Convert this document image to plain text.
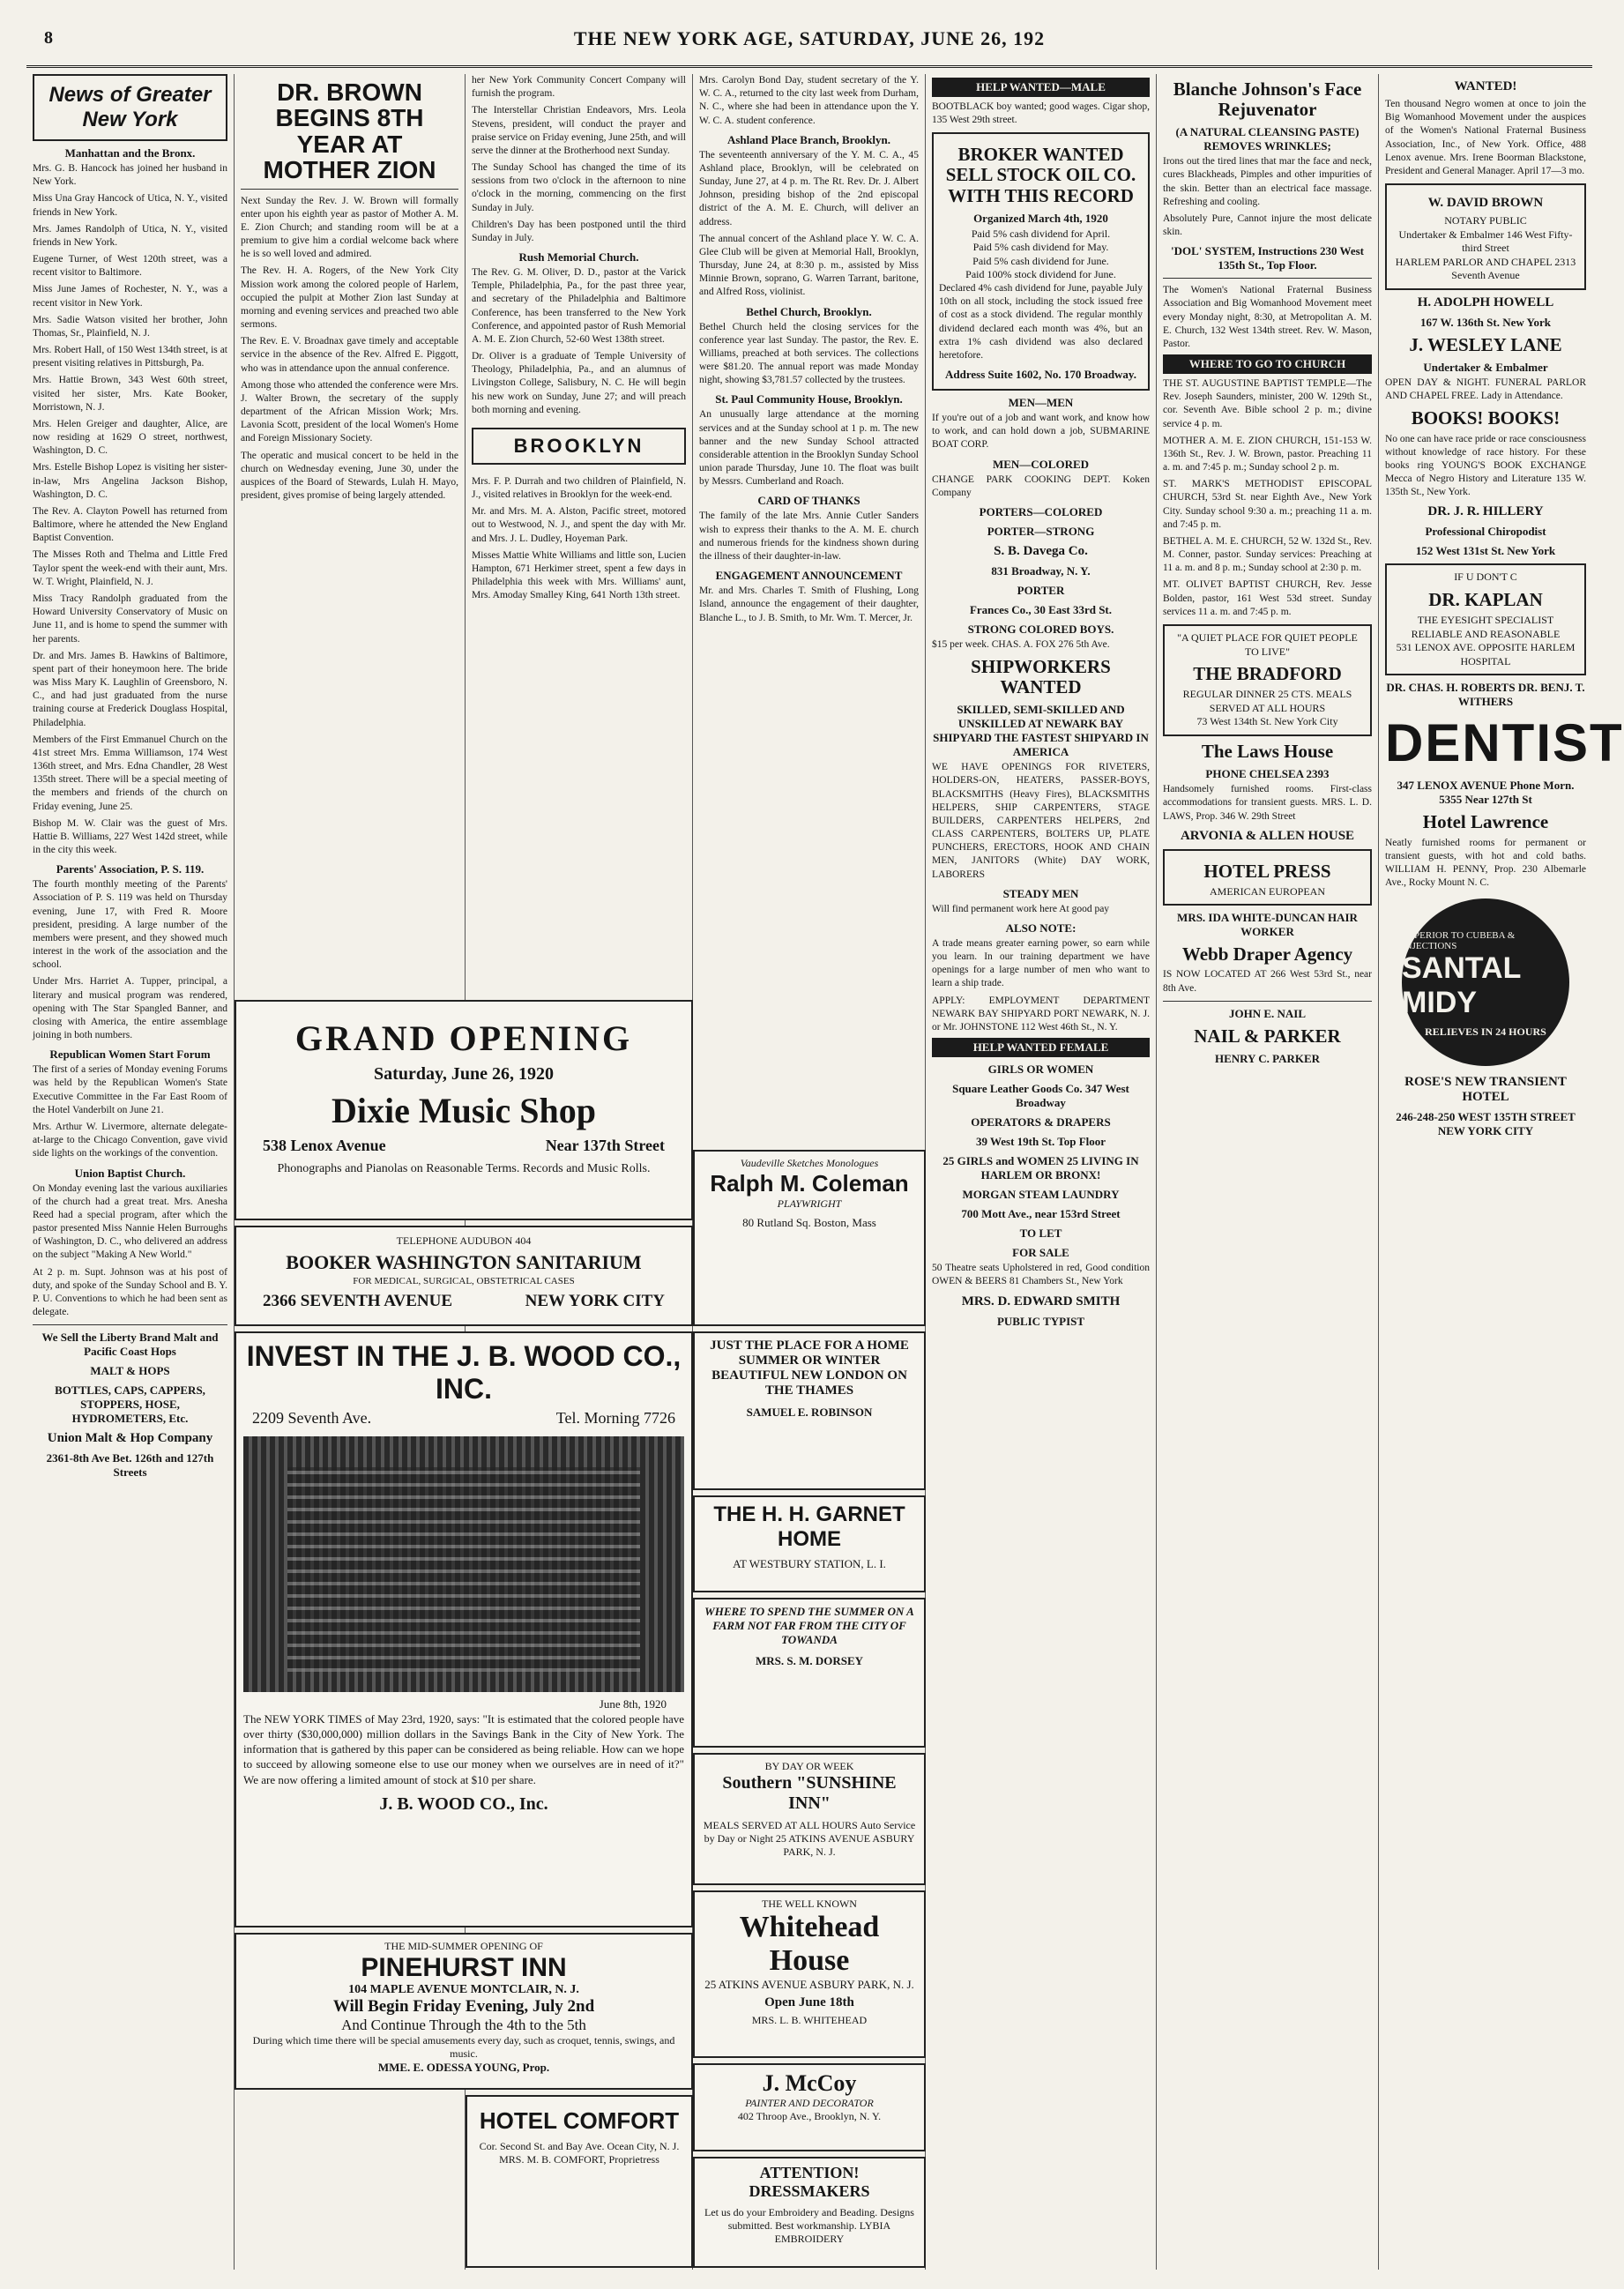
8	THE NEW YORK AGE, SATURDAY, JUNE 26, 192
News of Greater New York
Manhattan and the Bronx.

Mrs. G. B. Hancock has joined her husband in New York.

Miss Una Gray Hancock of Utica, N. Y., visited friends in New York.

Mrs. James Randolph of Utica, N. Y., visited friends in New York.

Eugene Turner, of West 120th street, was a recent visitor to Baltimore.

Miss June James of Rochester, N. Y., was a recent visitor in New York.

Mrs. Sadie Watson visited her brother, John Thomas, Sr., Plainfield, N. J.

Mrs. Robert Hall, of 150 West 134th street, is at present visiting relatives in Pittsburgh, Pa.

Mrs. Hattie Brown, 343 West 60th street, visited her sister, Mrs. Kate Booker, Morristown, N. J.

Mrs. Helen Greiger and daughter, Alice, are now residing at 1629 O street, northwest, Washington, D. C.

Mrs. Estelle Bishop Lopez is visiting her sister-in-law, Mrs Angelina Jackson Bishop, Washington, D. C.

The Rev. A. Clayton Powell has returned from Baltimore, where he attended the New England Baptist Convention.

The Misses Roth and Thelma and Little Fred Taylor spent the week-end with their aunt, Mrs. W. T. Wright, Plainfield, N. J.

Miss Tracy Randolph graduated from the Howard University Conservatory of Music on June 11, and is home to spend the summer with her parents.

Dr. and Mrs. James B. Hawkins of Baltimore, spent part of their honeymoon here. The bride was Miss Mary K. Laughlin of Greensboro, N. C., and had just graduated from the nurse training course at Frederick Douglass Hospital, Philadelphia.

Members of the First Emmanuel Church on the 41st street Mrs. Emma Williamson, 174 West 136th street, and Mrs. Edna Chandler, 28 West 135th street. There will be a special meeting of the members and friends of the church on Friday evening, June 25.

Bishop M. W. Clair was the guest of Mrs. Hattie B. Williams, 227 West 142d street, while in the city this week.

Parents' Association, P. S. 119.

The fourth monthly meeting of the Parents' Association of P. S. 119 was held on Thursday evening, June 17, with Fred R. Moore president, presiding. A large number of the members were present, and they showed much interest in the work of the association and the school.

Under Mrs. Harriet A. Tupper, principal, a literary and musical program was rendered, opening with The Star Spangled Banner, and closing with America, the entire assemblage joining in both numbers.

Republican Women Start Forum

The first of a series of Monday evening Forums was held by the Republican Women's State Executive Committee in the Far East Room of the Hotel Vanderbilt on June 21.

Mrs. Arthur W. Livermore, alternate delegate-at-large to the Chicago Convention, gave vivid side lights on the workings of the convention.

Union Baptist Church.

On Monday evening last the various auxiliaries of the church had a great treat. Mrs. Anesha Reed had a special program, after which the pastor presented Miss Nannie Helen Burroughs of Washington, D. C., who delivered an address on the subject "Making A New World."

At 2 p. m. Supt. Johnson was at his post of duty, and spoke of the Sunday School and B. Y. P. U. Conventions to which he had been sent as delegate.

We Sell the Liberty Brand Malt and Pacific Coast Hops
MALT & HOPS
BOTTLES, CAPS, CAPPERS, STOPPERS, HOSE, HYDROMETERS, Etc.
Union Malt & Hop Company
2361-8th Ave Bet. 126th and 127th Streets
DR. BROWN BEGINS 8TH YEAR AT MOTHER ZION

Next Sunday the Rev. J. W. Brown will formally enter upon his eighth year as pastor of Mother A. M. E. Zion Church; and standing room will be at a premium to give him a cordial welcome back where he is so well loved and admired.

The Rev. H. A. Rogers, of the New York City Mission work among the colored people of Harlem, occupied the pulpit at Mother Zion last Sunday at morning and evening services and preached two able sermons.

The Rev. E. V. Broadnax gave timely and acceptable service in the absence of the Rev. Alfred E. Piggott, who was in attendance upon the annual conference.

Among those who attended the conference were Mrs. J. Walter Brown, the secretary of the supply department of the African Mission Work; Mrs. Lavonia Scott, president of the local Women's Home and Foreign Missionary Society.

The operatic and musical concert to be held in the church on Wednesday evening, June 30, under the auspices of the Board of Stewards, Lulah H. Mayo, president, gives promise of being largely attended.

her New York Community Concert Company will furnish the program.

The Interstellar Christian Endeavors, Mrs. Leola Stevens, president, will conduct the prayer and praise service on Friday evening, June 25th, and will serve the dinner at the Brotherhood next Sunday.

The Sunday School has changed the time of its sessions from two o'clock in the afternoon to nine o'clock in the morning, commencing on the first Sunday in July.

Children's Day has been postponed until the third Sunday in July.

Rush Memorial Church.

The Rev. G. M. Oliver, D. D., pastor at the Varick Temple, Philadelphia, Pa., for the past three year, and secretary of the Philadelphia and Baltimore Conference, has been transferred to the New York Conference, and appointed pastor of Rush Memorial A. M. E. Zion Church, 52-60 West 138th street.

Dr. Oliver is a graduate of Temple University of Theology, Philadelphia, Pa., and an alumnus of Livingston College, Salisbury, N. C. He will begin his new work on Sunday, June 27; and will preach both morning and evening.

BROOKLYN

Mrs. F. P. Durrah and two children of Plainfield, N. J., visited relatives in Brooklyn for the week-end.

Mr. and Mrs. M. A. Alston, Pacific street, motored out to Westwood, N. J., and spent the day with Mr. and Mrs. J. L. Dudley, Hoyeman Park.

Misses Mattie White Williams and little son, Lucien Hampton, 671 Herkimer street, spent a few days in Philadelphia this week with Mrs. Williams' aunt, Mrs. Amoday Smalley King, 641 North 13th street.

Mrs. Carolyn Bond Day, student secretary of the Y. W. C. A., returned to the city last week from Durham, N. C., where she had been in attendance upon the Y. W. C. A. student conference.

Ashland Place Branch, Brooklyn.

The seventeenth anniversary of the Y. M. C. A., 45 Ashland place, Brooklyn, will be celebrated on Sunday, June 27, at 4 p. m. The Rt. Rev. Dr. J. Albert Johnson, presiding bishop of the 2nd episcopal district of the A. M. E. Church, will deliver an address.

The annual concert of the Ashland place Y. W. C. A. Glee Club will be given at Memorial Hall, Brooklyn, Thursday, June 24, at 8:30 p. m., assisted by Miss Minnie Brown, soprano, G. Warren Tarrant, baritone, and Alfred Ross, violinist.

Bethel Church, Brooklyn.

Bethel Church held the closing services for the conference year last Sunday. The pastor, the Rev. E. Williams, preached at both services. The collections were $81.20. The annual report was made Monday night, showing $3,781.57 collected by the trustees.

St. Paul Community House, Brooklyn.

An unusually large attendance at the morning services and at the Sunday school at 1 p. m. The new banner and the new Sunday School attracted considerable attention in the Brooklyn Sunday School union parade Thursday, June 10. The float was built by Messrs. Cumberland and Roach.

CARD OF THANKS

The family of the late Mrs. Annie Cutler Sanders wish to express their thanks to the A. M. E. church and numerous friends for the kindness shown during the illness of their daughter-in-law.

ENGAGEMENT ANNOUNCEMENT

Mr. and Mrs. Charles T. Smith of Flushing, Long Island, announce the engagement of their daughter, Blanche L., to J. B. Smith, to Mr. Wm. T. Mercer, Jr.

HELP WANTED—MALE

BOOTBLACK boy wanted; good wages. Cigar shop, 135 West 29th street.

BROKER WANTED SELL STOCK OIL CO. WITH THIS RECORD
Organized March 4th, 1920
Paid 5% cash dividend for April.
Paid 5% cash dividend for May.
Paid 5% cash dividend for June.
Paid 100% stock dividend for June.

Declared 4% cash dividend for June, payable July 10th on all stock, including the stock issued free of cost as a stock dividend. The regular monthly dividend declared each month was 4%, but an extra 1% cash dividend was also declared heretofore.

Address Suite 1602, No. 170 Broadway.
MEN—MEN

If you're out of a job and want work, and know how to work, and can hold down a job, SUBMARINE BOAT CORP.

MEN—COLORED

CHANGE PARK COOKING DEPT. Koken Company

PORTERS—COLORED
PORTER—STRONG
S. B. Davega Co.
831 Broadway, N. Y.
PORTER
Frances Co., 30 East 33rd St.
STRONG COLORED BOYS.

$15 per week. CHAS. A. FOX 276 5th Ave.

SHIPWORKERS WANTED
SKILLED, SEMI-SKILLED AND UNSKILLED AT NEWARK BAY SHIPYARD THE FASTEST SHIPYARD IN AMERICA

WE HAVE OPENINGS FOR RIVETERS, HOLDERS-ON, HEATERS, PASSER-BOYS, BLACKSMITHS (Heavy Fires), BLACKSMITHS HELPERS, SHIP CARPENTERS, STAGE BUILDERS, CARPENTERS HELPERS, 2nd CLASS CARPENTERS, BOLTERS UP, PLATE PUNCHERS, ERECTORS, HOOK AND CHAIN MEN, JANITORS (White) DAY WORK, LABORERS

STEADY MEN

Will find permanent work here At good pay

ALSO NOTE:

A trade means greater earning power, so earn while you learn. In our training department we have openings for a large number of men who want to learn a ship trade.

APPLY: EMPLOYMENT DEPARTMENT NEWARK BAY SHIPYARD PORT NEWARK, N. J. or Mr. JOHNSTONE 112 West 46th St., N. Y.

HELP WANTED FEMALE
GIRLS OR WOMEN
Square Leather Goods Co. 347 West Broadway
OPERATORS & DRAPERS
39 West 19th St. Top Floor
25 GIRLS and WOMEN 25 LIVING IN HARLEM OR BRONX!
MORGAN STEAM LAUNDRY
700 Mott Ave., near 153rd Street
TO LET
FOR SALE

50 Theatre seats Upholstered in red, Good condition OWEN & BEERS 81 Chambers St., New York

MRS. D. EDWARD SMITH
PUBLIC TYPIST
Blanche Johnson's Face Rejuvenator
(A NATURAL CLEANSING PASTE) REMOVES WRINKLES;

Irons out the tired lines that mar the face and neck, cures Blackheads, Pimples and other impurities of the skin. Better than an electrical face massage. Refreshing and cooling.

Absolutely Pure, Cannot injure the most delicate skin.

'DOL' SYSTEM, Instructions 230 West 135th St., Top Floor.

The Women's National Fraternal Business Association and Big Womanhood Movement meet every Monday night, 8:30, at Metropolitan A. M. E. Church, 132 West 134th street. Rev. W. Mason, Pastor.

WHERE TO GO TO CHURCH

THE ST. AUGUSTINE BAPTIST TEMPLE—The Rev. Joseph Saunders, minister, 200 W. 129th St., cor. Seventh Ave. Bible school 2 p. m.; divine service 4 p. m.

MOTHER A. M. E. ZION CHURCH, 151-153 W. 136th St., Rev. J. W. Brown, pastor. Preaching 11 a. m. and 7:45 p. m.; Sunday school 2 p. m.

ST. MARK'S METHODIST EPISCOPAL CHURCH, 53rd St. near Eighth Ave., New York City. Sunday school 9:30 a. m.; preaching 11 a. m. and 7:45 p. m.

BETHEL A. M. E. CHURCH, 52 W. 132d St., Rev. M. Conner, pastor. Sunday services: Preaching at 11 a. m. and 8 p. m.; Sunday school at 2:30 p. m.

MT. OLIVET BAPTIST CHURCH, Rev. Jesse Bolden, pastor, 161 West 53d street. Sunday services 11 a. m. and 7:45 p. m.

"A QUIET PLACE FOR QUIET PEOPLE TO LIVE"
THE BRADFORD
REGULAR DINNER 25 CTS. MEALS SERVED AT ALL HOURS
73 West 134th St. New York City
The Laws House
PHONE CHELSEA 2393

Handsomely furnished rooms. First-class accommodations for transient guests. MRS. L. D. LAWS, Prop. 346 W. 29th Street

ARVONIA & ALLEN HOUSE
HOTEL PRESS
AMERICAN EUROPEAN
MRS. IDA WHITE-DUNCAN HAIR WORKER
Webb Draper Agency

IS NOW LOCATED AT 266 West 53rd St., near 8th Ave.

JOHN E. NAIL
NAIL & PARKER
HENRY C. PARKER
WANTED!

Ten thousand Negro women at once to join the Big Womanhood Movement under the auspices of the Women's National Fraternal Business Association, Inc., of New York. Office, 488 Lenox avenue. Mrs. Irene Boorman Blackstone, President and General Manager. April 17—3 mo.

W. DAVID BROWN
NOTARY PUBLIC
Undertaker & Embalmer 146 West Fifty-third Street
HARLEM PARLOR AND CHAPEL 2313 Seventh Avenue
H. ADOLPH HOWELL
167 W. 136th St. New York
J. WESLEY LANE
Undertaker & Embalmer

OPEN DAY & NIGHT. FUNERAL PARLOR AND CHAPEL FREE. Lady in Attendance.

BOOKS! BOOKS!

No one can have race pride or race consciousness without knowledge of race history. For these books ring YOUNG'S BOOK EXCHANGE Mecca of Negro History and Literature 135 W. 135th St., New York.

DR. J. R. HILLERY
Professional Chiropodist
152 West 131st St. New York
IF U DON'T C
DR. KAPLAN
THE EYESIGHT SPECIALIST
RELIABLE AND REASONABLE
531 LENOX AVE. OPPOSITE HARLEM HOSPITAL
DR. CHAS. H. ROBERTS DR. BENJ. T. WITHERS
DENTIST
347 LENOX AVENUE Phone Morn. 5355 Near 127th St
Hotel Lawrence

Neatly furnished rooms for permanent or transient guests, with hot and cold baths. WILLIAM H. PENNY, Prop. 230 Albemarle Ave., Rocky Mount N. C.

SUPERIOR TO CUBEBA & INJECTIONS
SANTAL MIDY
RELIEVES IN 24 HOURS
ROSE'S NEW TRANSIENT HOTEL
246-248-250 WEST 135TH STREET NEW YORK CITY
GRAND OPENING
Saturday, June 26, 1920
Dixie Music Shop
538 Lenox Avenue	Near 137th Street
Phonographs and Pianolas on Reasonable Terms. Records and Music Rolls.
TELEPHONE AUDUBON 404
BOOKER WASHINGTON SANITARIUM
FOR MEDICAL, SURGICAL, OBSTETRICAL CASES
2366 SEVENTH AVENUE	NEW YORK CITY
INVEST IN THE J. B. WOOD CO., INC.
2209 Seventh Ave.	Tel. Morning 7726
June 8th, 1920

The NEW YORK TIMES of May 23rd, 1920, says: "It is estimated that the colored people have over thirty ($30,000,000) million dollars in the Savings Bank in the City of New York. The information that is gathered by this paper can be considered as being reliable. How can we hope to succeed by allowing someone else to use our money when we ourselves are in need of it?" We are now offering a limited amount of stock at $10 per share.

J. B. WOOD CO., Inc.
THE MID-SUMMER OPENING OF
PINEHURST INN
104 MAPLE AVENUE MONTCLAIR, N. J.
Will Begin Friday Evening, July 2nd
And Continue Through the 4th to the 5th
During which time there will be special amusements every day, such as croquet, tennis, swings, and music.
MME. E. ODESSA YOUNG, Prop.
HOTEL COMFORT
Cor. Second St. and Bay Ave. Ocean City, N. J. MRS. M. B. COMFORT, Proprietress
Vaudeville Sketches Monologues
Ralph M. Coleman
PLAYWRIGHT
80 Rutland Sq. Boston, Mass
JUST THE PLACE FOR A HOME SUMMER OR WINTER BEAUTIFUL NEW LONDON ON THE THAMES
SAMUEL E. ROBINSON
THE H. H. GARNET HOME
AT WESTBURY STATION, L. I.
WHERE TO SPEND THE SUMMER ON A FARM NOT FAR FROM THE CITY OF TOWANDA
MRS. S. M. DORSEY
BY DAY OR WEEK
Southern "SUNSHINE INN"
MEALS SERVED AT ALL HOURS Auto Service by Day or Night 25 ATKINS AVENUE ASBURY PARK, N. J.
THE WELL KNOWN
Whitehead House
25 ATKINS AVENUE ASBURY PARK, N. J.
Open June 18th
MRS. L. B. WHITEHEAD
J. McCoy
PAINTER AND DECORATOR
402 Throop Ave., Brooklyn, N. Y.
ATTENTION! DRESSMAKERS
Let us do your Embroidery and Beading. Designs submitted. Best workmanship. LYBIA EMBROIDERY
